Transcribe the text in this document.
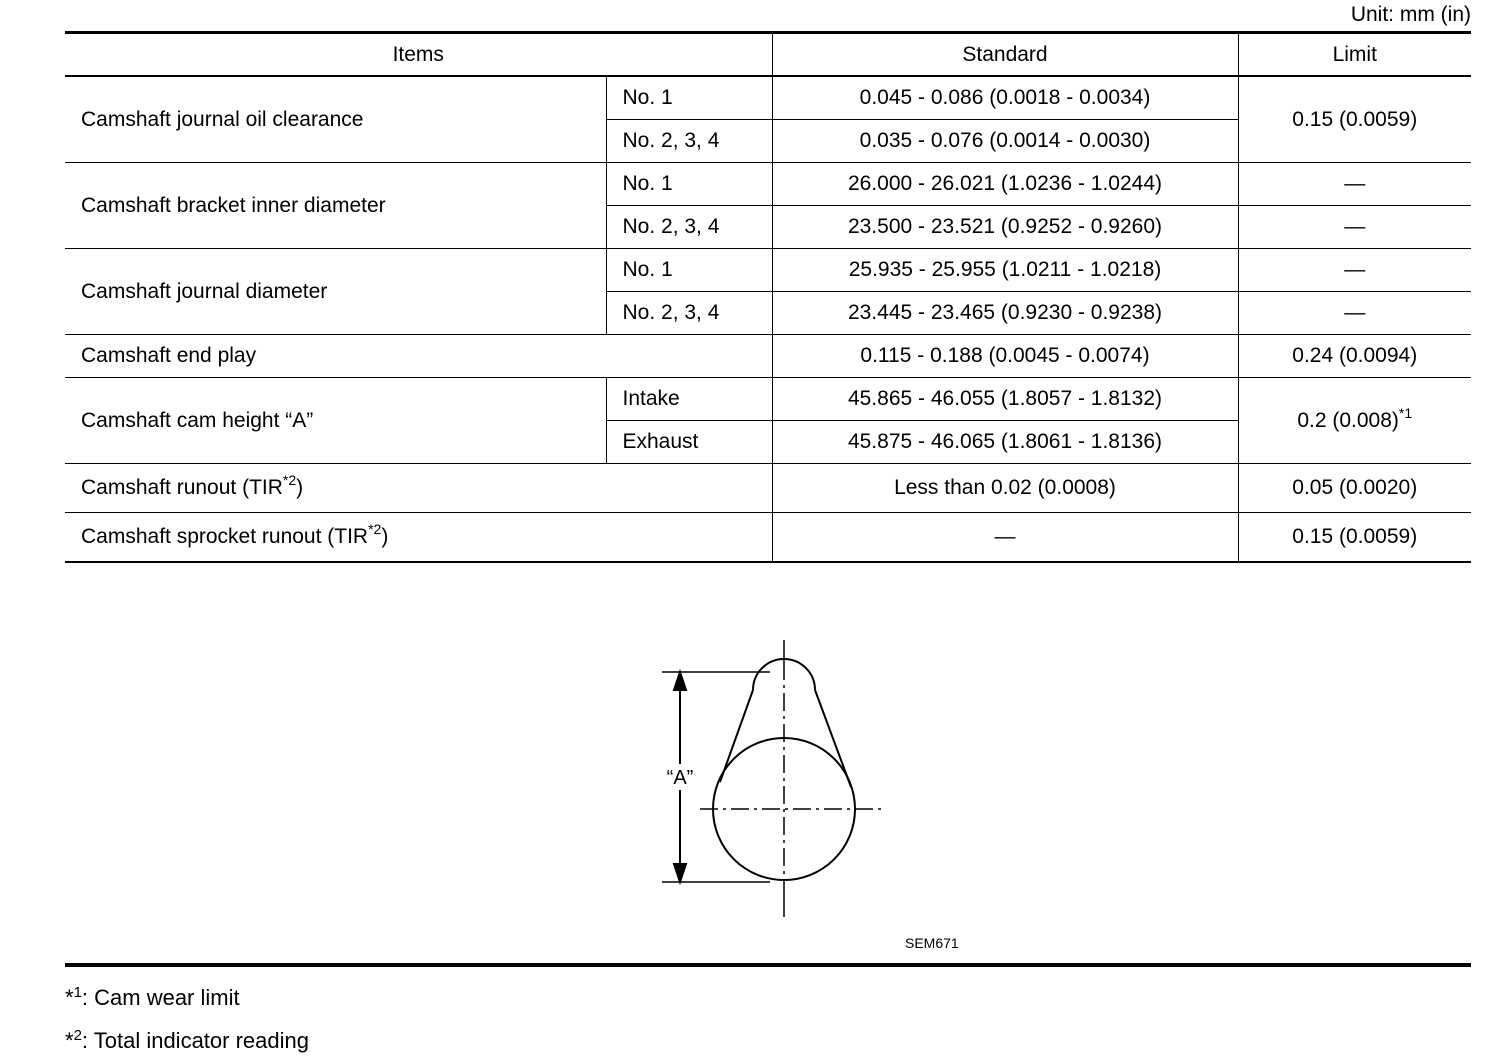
Unit: mm (in)
Items		Standard	Limit
Camshaft journal oil clearance	No. 1	0.045 - 0.086 (0.0018 - 0.0034)	0.15 (0.0059)
	No. 2, 3, 4	0.035 - 0.076 (0.0014 - 0.0030)	
Camshaft bracket inner diameter	No. 1	26.000 - 26.021 (1.0236 - 1.0244)	—
	No. 2, 3, 4	23.500 - 23.521 (0.9252 - 0.9260)	—
Camshaft journal diameter	No. 1	25.935 - 25.955 (1.0211 - 1.0218)	—
	No. 2, 3, 4	23.445 - 23.465 (0.9230 - 0.9238)	—
Camshaft end play		0.115 - 0.188 (0.0045 - 0.0074)	0.24 (0.0094)
Camshaft cam height “A”	Intake	45.865 - 46.055 (1.8057 - 1.8132)	0.2 $(0.008)^{*1}$
	Exhaust	45.875 - 46.065 (1.8061 - 1.8136)	
Camshaft runout (TIR$^{*2}$)		Less than 0.02 (0.0008)	0.05 (0.0020)
Camshaft sprocket runout (TIR$^{*2}$)		—	0.15 (0.0059)
“A”
SEM671
*$^1$: Cam wear limit
*$^2$: Total indicator reading
